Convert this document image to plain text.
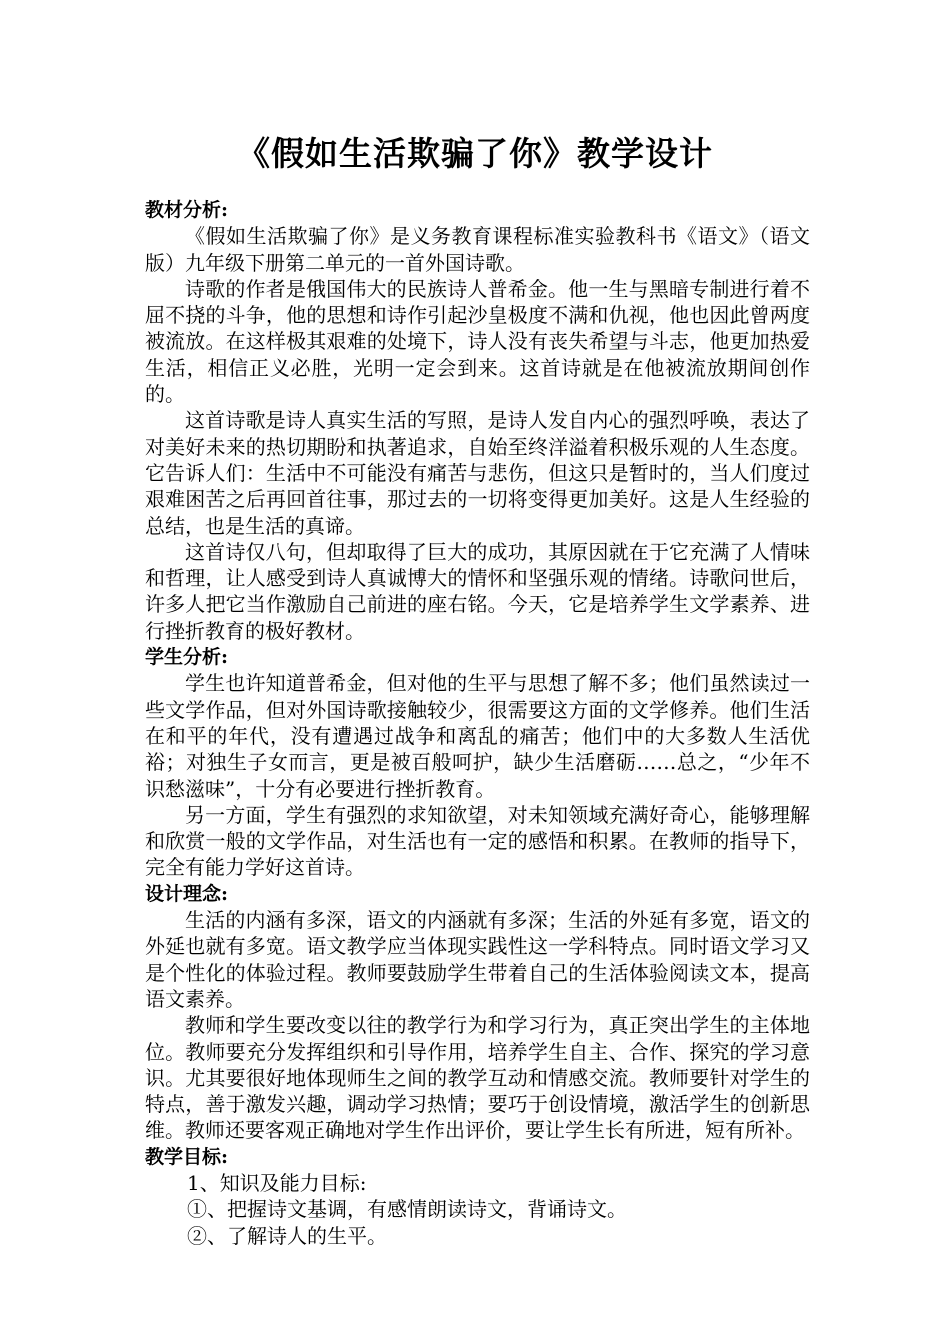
《假如生活欺骗了你》教学设计

教材分析:

《假如生活欺骗了你》是义务教育课程标准实验教科书《语文》（语文版）九年级下册第二单元的一首外国诗歌。

诗歌的作者是俄国伟大的民族诗人普希金。他一生与黑暗专制进行着不屈不挠的斗争，他的思想和诗作引起沙皇极度不满和仇视，他也因此曾两度被流放。在这样极其艰难的处境下，诗人没有丧失希望与斗志，他更加热爱生活，相信正义必胜，光明一定会到来。这首诗就是在他被流放期间创作的。

这首诗歌是诗人真实生活的写照，是诗人发自内心的强烈呼唤，表达了对美好未来的热切期盼和执著追求，自始至终洋溢着积极乐观的人生态度。它告诉人们：生活中不可能没有痛苦与悲伤，但这只是暂时的，当人们度过艰难困苦之后再回首往事，那过去的一切将变得更加美好。这是人生经验的总结，也是生活的真谛。

这首诗仅八句，但却取得了巨大的成功，其原因就在于它充满了人情味和哲理，让人感受到诗人真诚博大的情怀和坚强乐观的情绪。诗歌问世后，许多人把它当作激励自己前进的座右铭。今天，它是培养学生文学素养、进行挫折教育的极好教材。

学生分析:

学生也许知道普希金，但对他的生平与思想了解不多；他们虽然读过一些文学作品，但对外国诗歌接触较少，很需要这方面的文学修养。他们生活在和平的年代，没有遭遇过战争和离乱的痛苦；他们中的大多数人生活优裕；对独生子女而言，更是被百般呵护，缺少生活磨砺……总之，“少年不识愁滋味”，十分有必要进行挫折教育。

另一方面，学生有强烈的求知欲望，对未知领域充满好奇心，能够理解和欣赏一般的文学作品，对生活也有一定的感悟和积累。在教师的指导下，完全有能力学好这首诗。

设计理念:

生活的内涵有多深，语文的内涵就有多深；生活的外延有多宽，语文的外延也就有多宽。语文教学应当体现实践性这一学科特点。同时语文学习又是个性化的体验过程。教师要鼓励学生带着自己的生活体验阅读文本，提高语文素养。

教师和学生要改变以往的教学行为和学习行为，真正突出学生的主体地位。教师要充分发挥组织和引导作用，培养学生自主、合作、探究的学习意识。尤其要很好地体现师生之间的教学互动和情感交流。教师要针对学生的特点，善于激发兴趣，调动学习热情；要巧于创设情境，激活学生的创新思维。教师还要客观正确地对学生作出评价，要让学生长有所进，短有所补。

教学目标:

1、知识及能力目标:

①、把握诗文基调，有感情朗读诗文，背诵诗文。

②、了解诗人的生平。
